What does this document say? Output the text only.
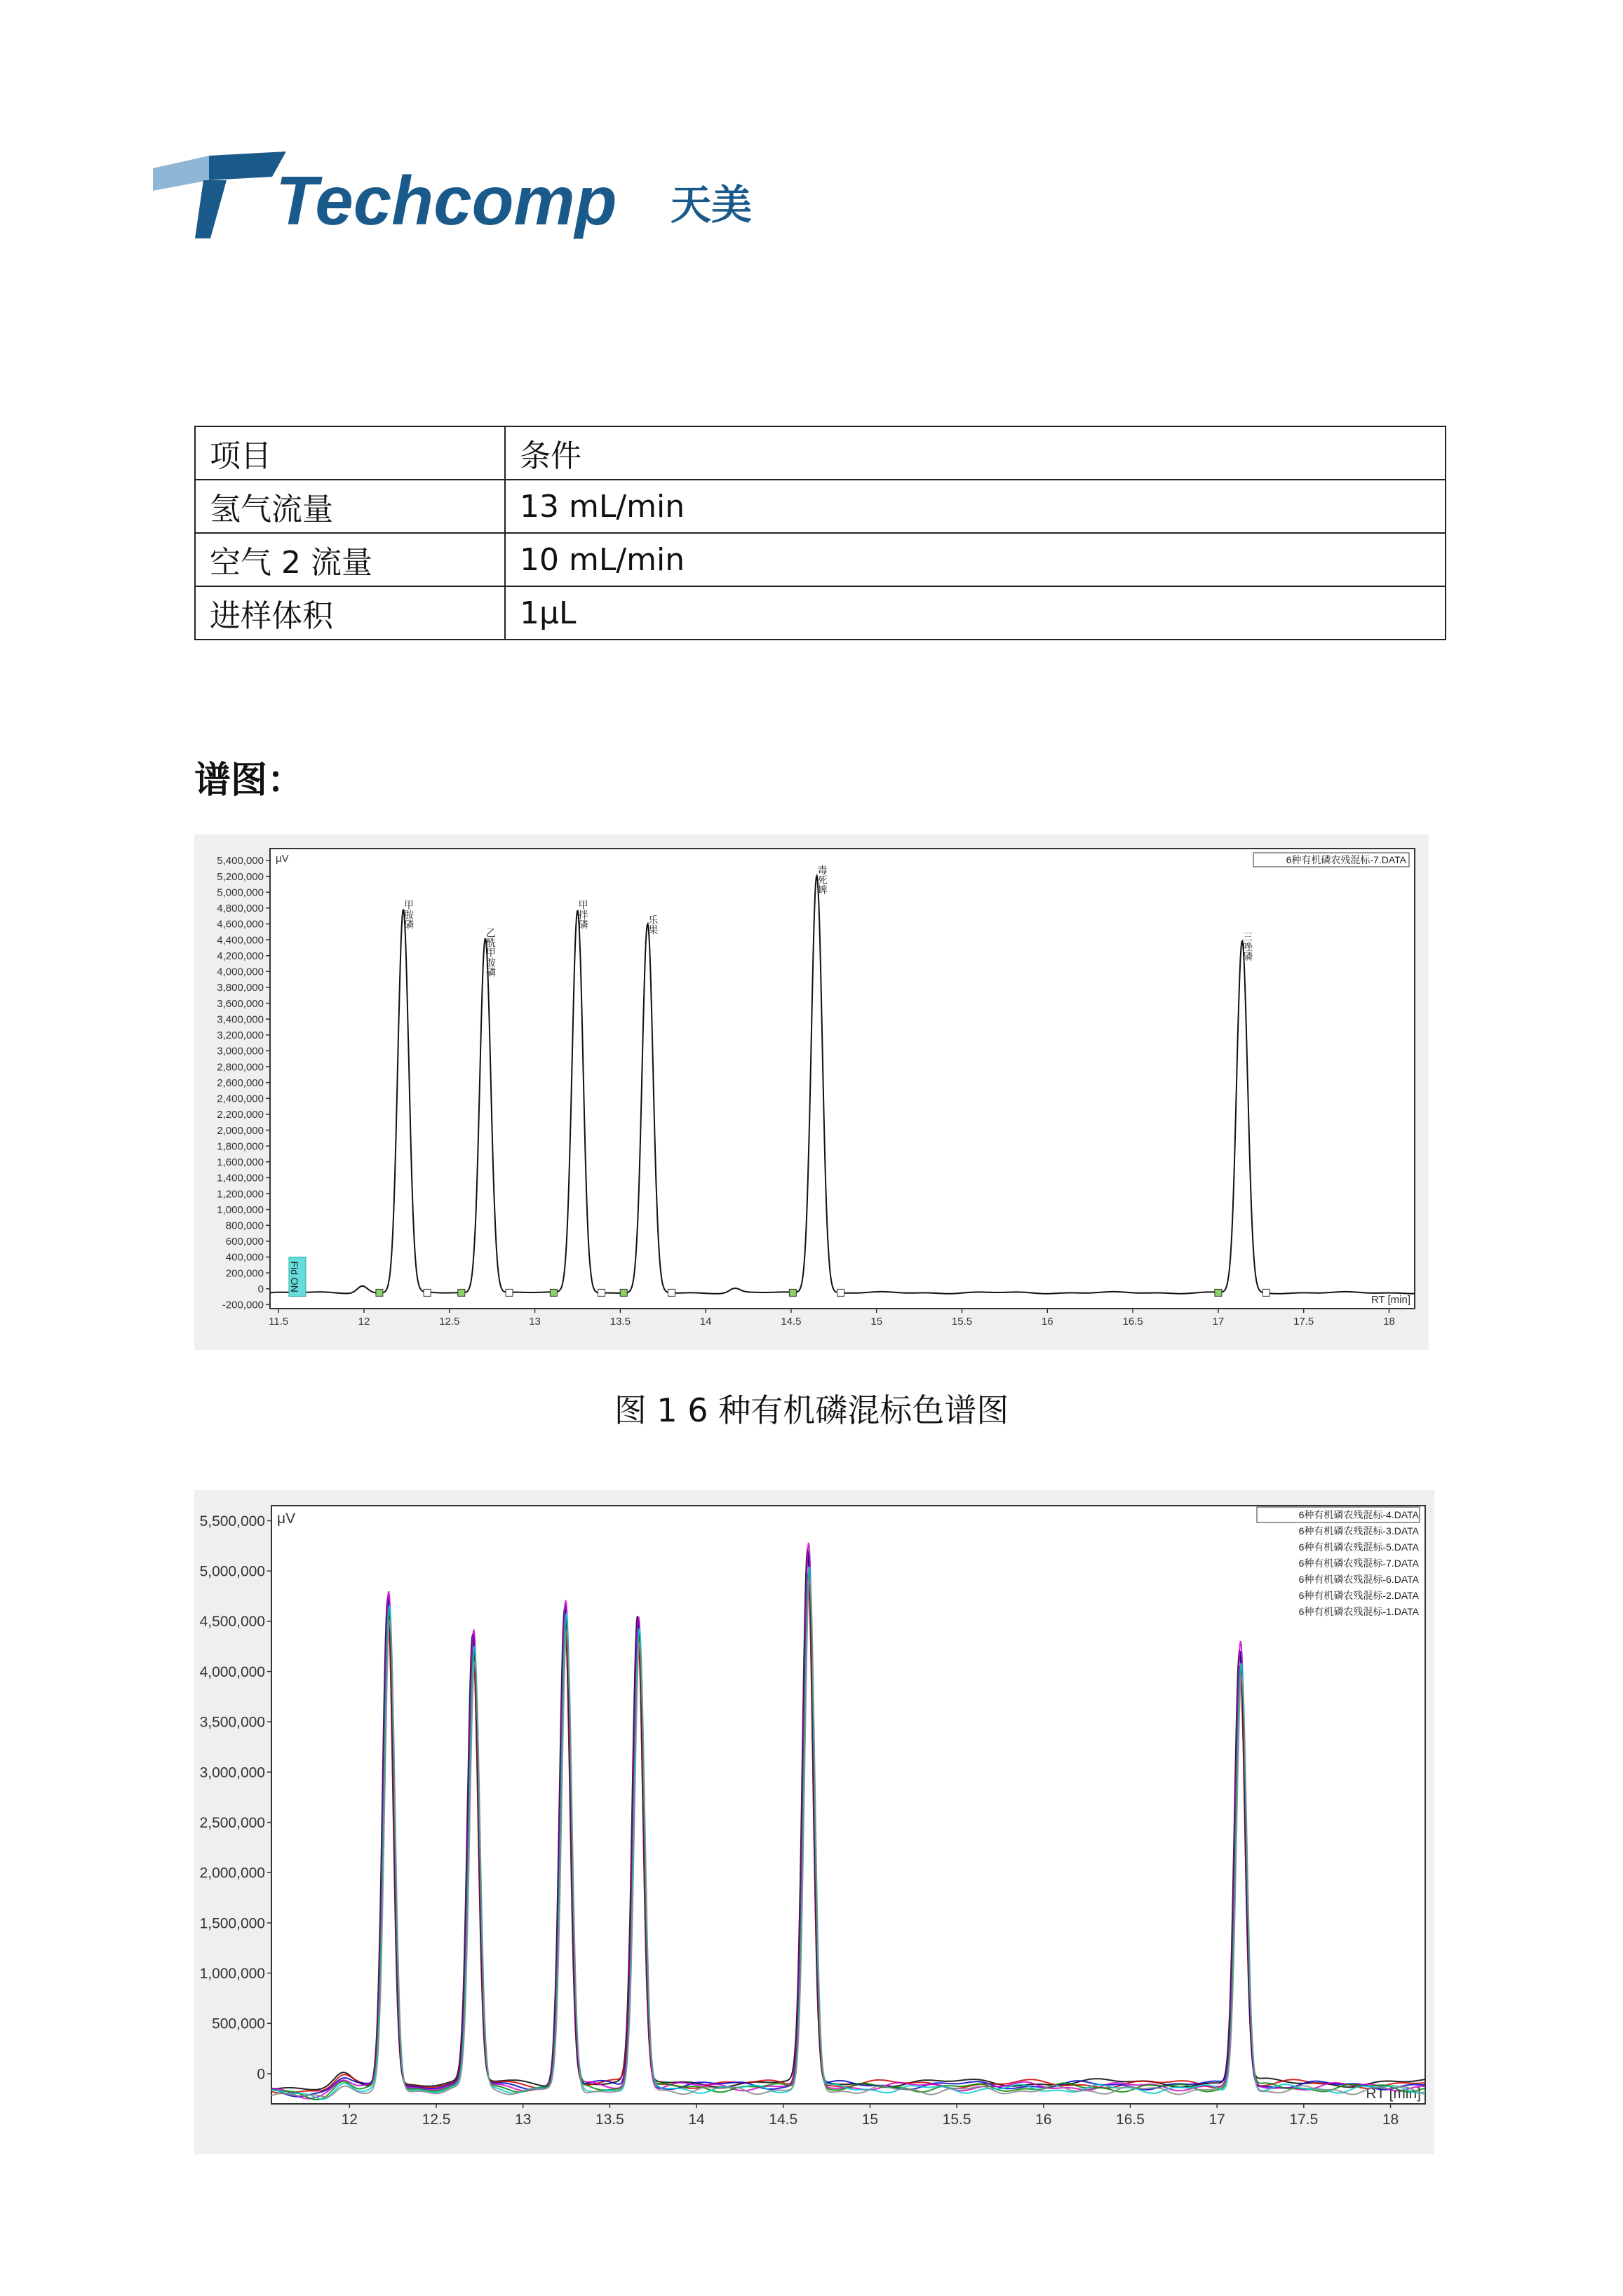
Techcomp 天美
项目	条件
氢气流量	13 mL/min
空气 2 流量	10 mL/min
进样体积	1μL
谱图：
-200,000
0
200,000
400,000
600,000
800,000
1,000,000
1,200,000
1,400,000
1,600,000
1,800,000
2,000,000
2,200,000
2,400,000
2,600,000
2,800,000
3,000,000
3,200,000
3,400,000
3,600,000
3,800,000
4,000,000
4,200,000
4,400,000
4,600,000
4,800,000
5,000,000
5,200,000
5,400,000
11.5	12	12.5	13	13.5	14	14.5	15	15.5	16	16.5	17	17.5	18
μV
RT [min]
甲胺磷
乙酰甲胺磷
甲拌磷	乐果
毒死蜱
三唑磷
Fid ON
6种有机磷农残混标-7.DATA
图 1 6 种有机磷混标色谱图
0
500,000
1,000,000
1,500,000
2,000,000
2,500,000
3,000,000
3,500,000
4,000,000
4,500,000
5,000,000
5,500,000
12	12.5	13	13.5	14	14.5	15	15.5	16	16.5	17	17.5	18
μV
RT [min]
6种有机磷农残混标-4.DATA
6种有机磷农残混标-3.DATA
6种有机磷农残混标-5.DATA
6种有机磷农残混标-7.DATA
6种有机磷农残混标-6.DATA
6种有机磷农残混标-2.DATA
6种有机磷农残混标-1.DATA
